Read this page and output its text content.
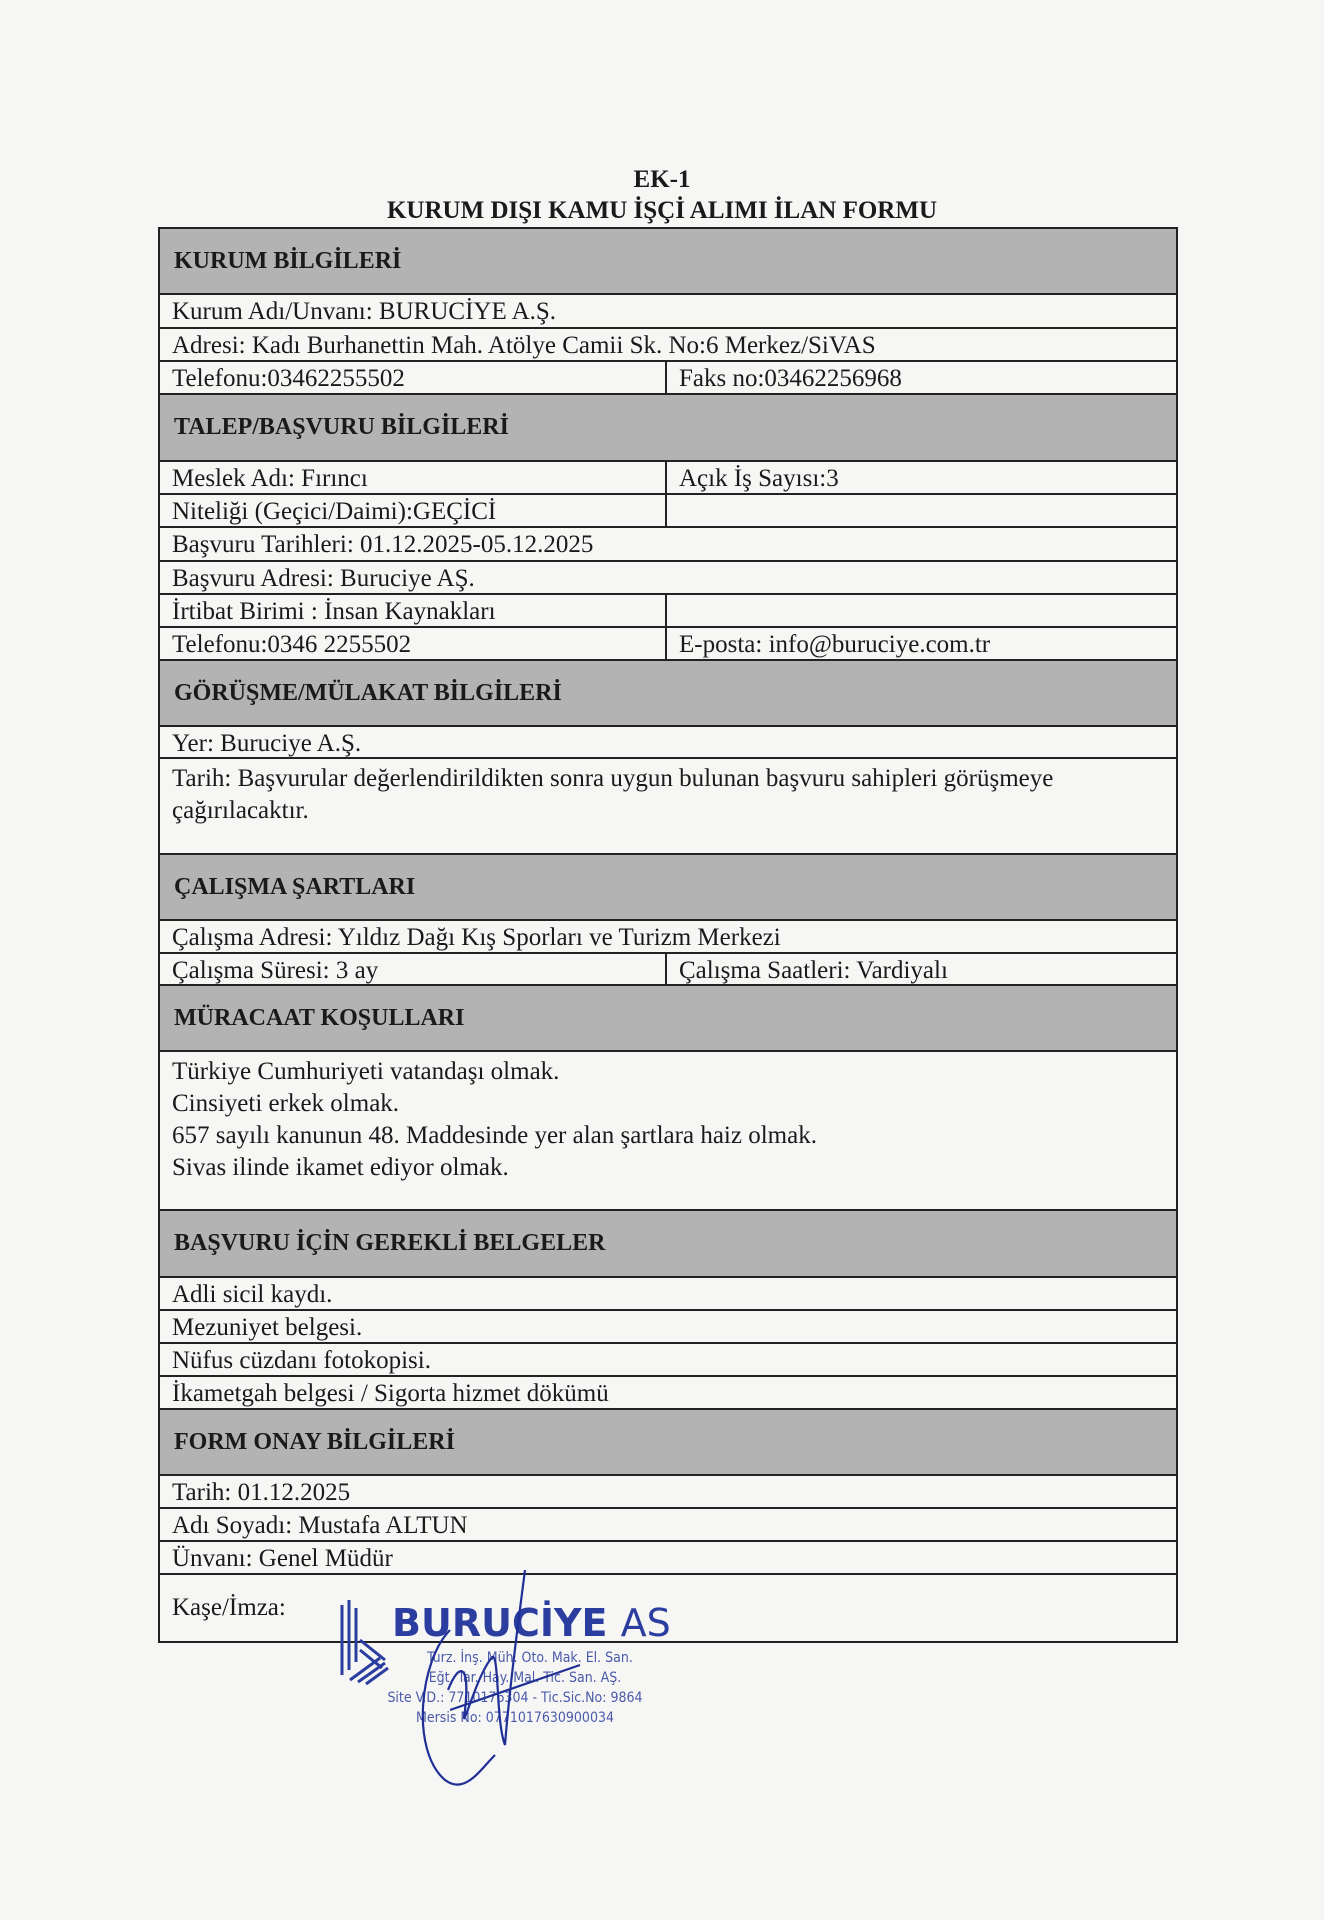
EK-1
KURUM DIŞI KAMU İŞÇİ ALIMI İLAN FORMU
KURUM BİLGİLERİ
Kurum Adı/Unvanı: BURUCİYE A.Ş.
Adresi: Kadı Burhanettin Mah. Atölye Camii Sk. No:6 Merkez/SiVAS
Telefonu:03462255502	Faks no:03462256968
TALEP/BAŞVURU BİLGİLERİ
Meslek Adı: Fırıncı	Açık İş Sayısı:3
Niteliği (Geçici/Daimi):GEÇİCİ
Başvuru Tarihleri: 01.12.2025-05.12.2025
Başvuru Adresi: Buruciye AŞ.
İrtibat Birimi : İnsan Kaynakları
Telefonu:0346 2255502	E-posta: info@buruciye.com.tr
GÖRÜŞME/MÜLAKAT BİLGİLERİ
Yer: Buruciye A.Ş.
Tarih: Başvurular değerlendirildikten sonra uygun bulunan başvuru sahipleri görüşmeye çağırılacaktır.
ÇALIŞMA ŞARTLARI
Çalışma Adresi: Yıldız Dağı Kış Sporları ve Turizm Merkezi
Çalışma Süresi: 3 ay	Çalışma Saatleri: Vardiyalı
MÜRACAAT KOŞULLARI
Türkiye Cumhuriyeti vatandaşı olmak.
Cinsiyeti erkek olmak.
657 sayılı kanunun 48. Maddesinde yer alan şartlara haiz olmak.
Sivas ilinde ikamet ediyor olmak.
BAŞVURU İÇİN GEREKLİ BELGELER
Adli sicil kaydı.
Mezuniyet belgesi.
Nüfus cüzdanı fotokopisi.
İkametgah belgesi / Sigorta hizmet dökümü
FORM ONAY BİLGİLERİ
Tarih: 01.12.2025
Adı Soyadı: Mustafa ALTUN
Ünvanı: Genel Müdür
Kaşe/İmza:	BURUCİYE AS
Turz. İnş. Müh. Oto. Mak. El. San.
Eğt. Tar. Hay. Mal. Tic. San. AŞ.
Site V.D.: 7710176304 - Tic.Sic.No: 9864
Mersis No: 0771017630900034
